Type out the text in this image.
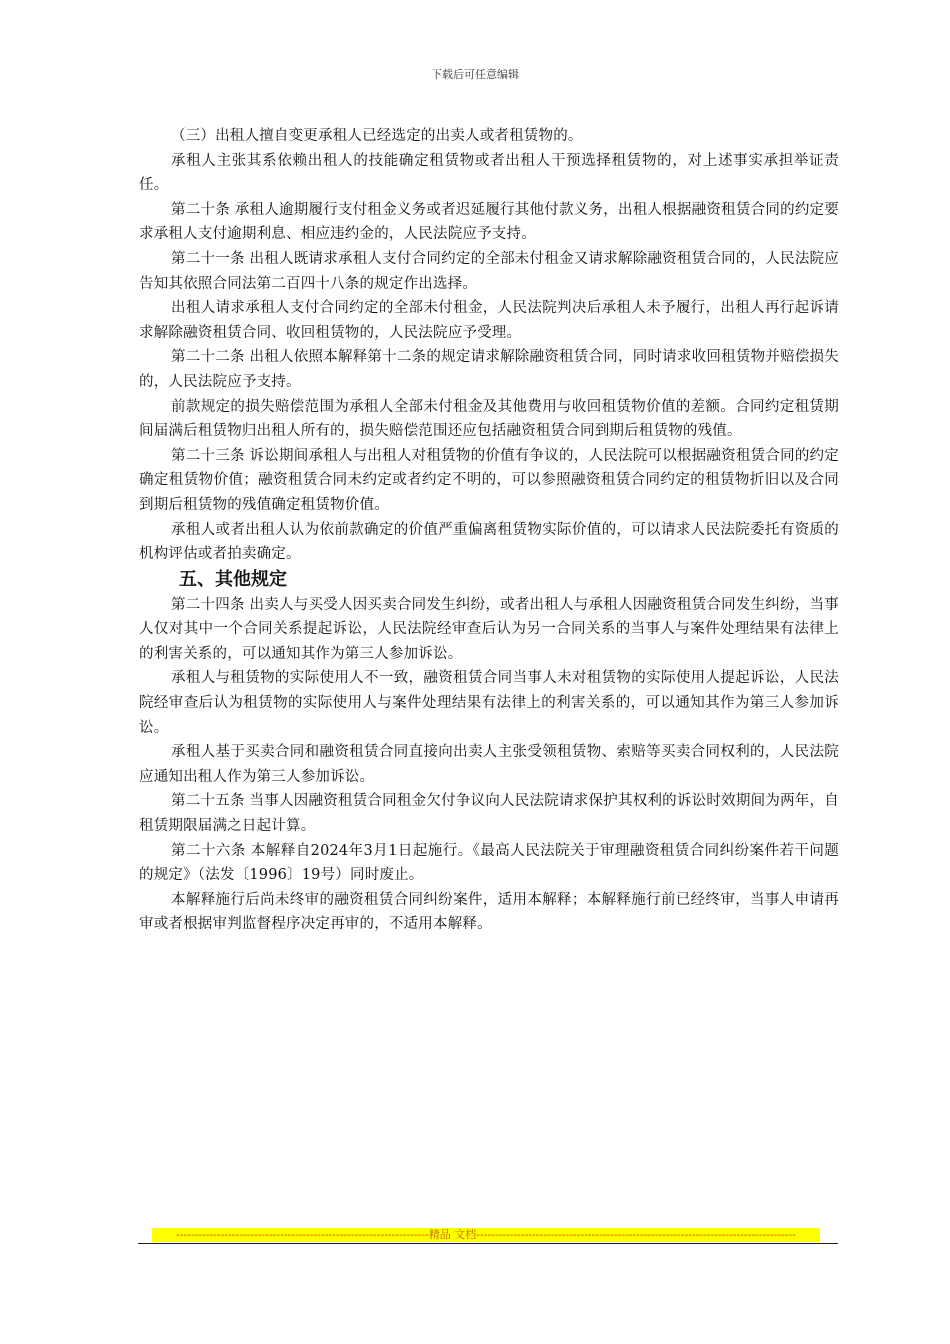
下载后可任意编辑

（三）出租人擅自变更承租人已经选定的出卖人或者租赁物的。

承租人主张其系依赖出租人的技能确定租赁物或者出租人干预选择租赁物的，对上述事实承担举证责任。

第二十条 承租人逾期履行支付租金义务或者迟延履行其他付款义务，出租人根据融资租赁合同的约定要求承租人支付逾期利息、相应违约金的，人民法院应予支持。

第二十一条 出租人既请求承租人支付合同约定的全部未付租金又请求解除融资租赁合同的，人民法院应告知其依照合同法第二百四十八条的规定作出选择。

出租人请求承租人支付合同约定的全部未付租金，人民法院判决后承租人未予履行，出租人再行起诉请求解除融资租赁合同、收回租赁物的，人民法院应予受理。

第二十二条 出租人依照本解释第十二条的规定请求解除融资租赁合同，同时请求收回租赁物并赔偿损失的，人民法院应予支持。

前款规定的损失赔偿范围为承租人全部未付租金及其他费用与收回租赁物价值的差额。合同约定租赁期间届满后租赁物归出租人所有的，损失赔偿范围还应包括融资租赁合同到期后租赁物的残值。

第二十三条 诉讼期间承租人与出租人对租赁物的价值有争议的，人民法院可以根据融资租赁合同的约定确定租赁物价值；融资租赁合同未约定或者约定不明的，可以参照融资租赁合同约定的租赁物折旧以及合同到期后租赁物的残值确定租赁物价值。

承租人或者出租人认为依前款确定的价值严重偏离租赁物实际价值的，可以请求人民法院委托有资质的机构评估或者拍卖确定。

五、其他规定

第二十四条 出卖人与买受人因买卖合同发生纠纷，或者出租人与承租人因融资租赁合同发生纠纷，当事人仅对其中一个合同关系提起诉讼，人民法院经审查后认为另一合同关系的当事人与案件处理结果有法律上的利害关系的，可以通知其作为第三人参加诉讼。

承租人与租赁物的实际使用人不一致，融资租赁合同当事人未对租赁物的实际使用人提起诉讼，人民法院经审查后认为租赁物的实际使用人与案件处理结果有法律上的利害关系的，可以通知其作为第三人参加诉讼。

承租人基于买卖合同和融资租赁合同直接向出卖人主张受领租赁物、索赔等买卖合同权利的，人民法院应通知出租人作为第三人参加诉讼。

第二十五条 当事人因融资租赁合同租金欠付争议向人民法院请求保护其权利的诉讼时效期间为两年，自租赁期限届满之日起计算。

第二十六条 本解释自2024年3月1日起施行。《最高人民法院关于审理融资租赁合同纠纷案件若干问题的规定》（法发〔1996〕19号）同时废止。

本解释施行后尚未终审的融资租赁合同纠纷案件，适用本解释；本解释施行前已经终审，当事人申请再审或者根据审判监督程序决定再审的，不适用本解释。

--------------------------------------------------------------------精品 文档--------------------------------------------------------------------------------------
